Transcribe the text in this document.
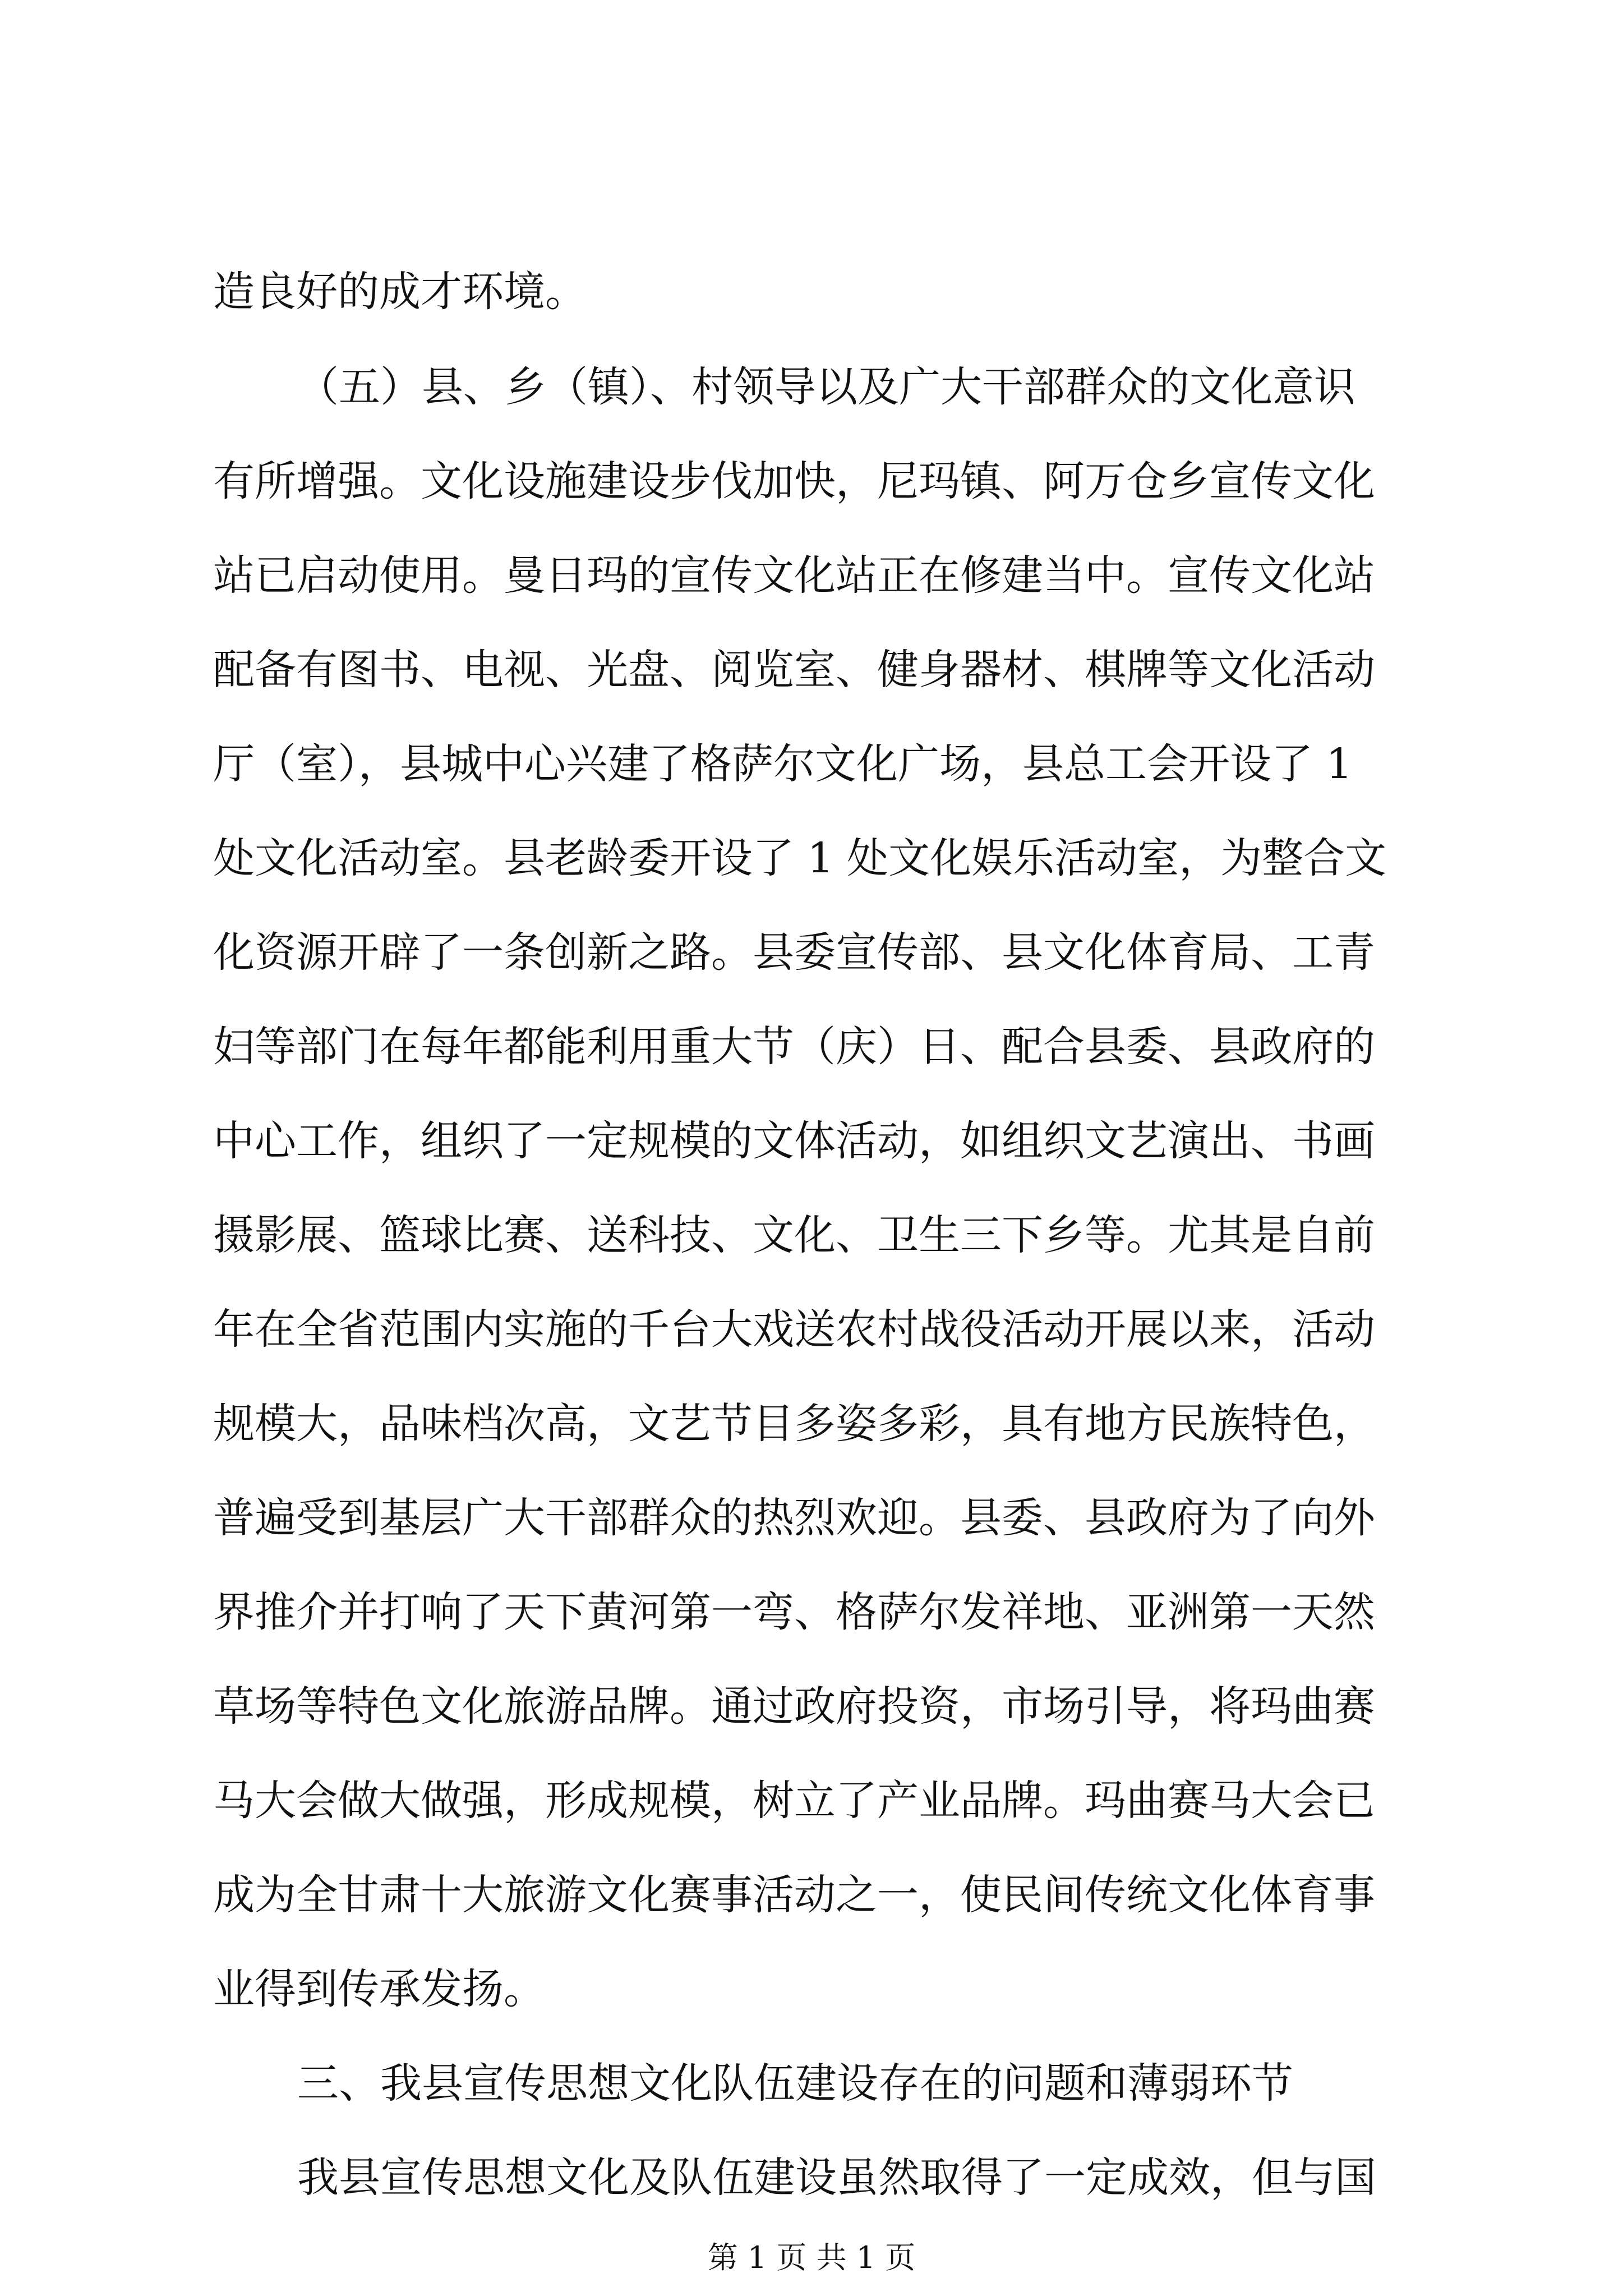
造良好的成才环境。
（五）县、乡（镇）、村领导以及广大干部群众的文化意识
有所增强。文化设施建设步伐加快，尼玛镇、阿万仓乡宣传文化
站已启动使用。曼日玛的宣传文化站正在修建当中。宣传文化站
配备有图书、电视、光盘、阅览室、健身器材、棋牌等文化活动
厅（室），县城中心兴建了格萨尔文化广场，县总工会开设了 1
处文化活动室。县老龄委开设了 1 处文化娱乐活动室，为整合文
化资源开辟了一条创新之路。县委宣传部、县文化体育局、工青
妇等部门在每年都能利用重大节（庆）日、配合县委、县政府的
中心工作，组织了一定规模的文体活动，如组织文艺演出、书画
摄影展、篮球比赛、送科技、文化、卫生三下乡等。尤其是自前
年在全省范围内实施的千台大戏送农村战役活动开展以来，活动
规模大，品味档次高，文艺节目多姿多彩，具有地方民族特色，
普遍受到基层广大干部群众的热烈欢迎。县委、县政府为了向外
界推介并打响了天下黄河第一弯、格萨尔发祥地、亚洲第一天然
草场等特色文化旅游品牌。通过政府投资，市场引导，将玛曲赛
马大会做大做强，形成规模，树立了产业品牌。玛曲赛马大会已
成为全甘肃十大旅游文化赛事活动之一，使民间传统文化体育事
业得到传承发扬。
三、我县宣传思想文化队伍建设存在的问题和薄弱环节
我县宣传思想文化及队伍建设虽然取得了一定成效，但与国
第 1 页 共 1 页
